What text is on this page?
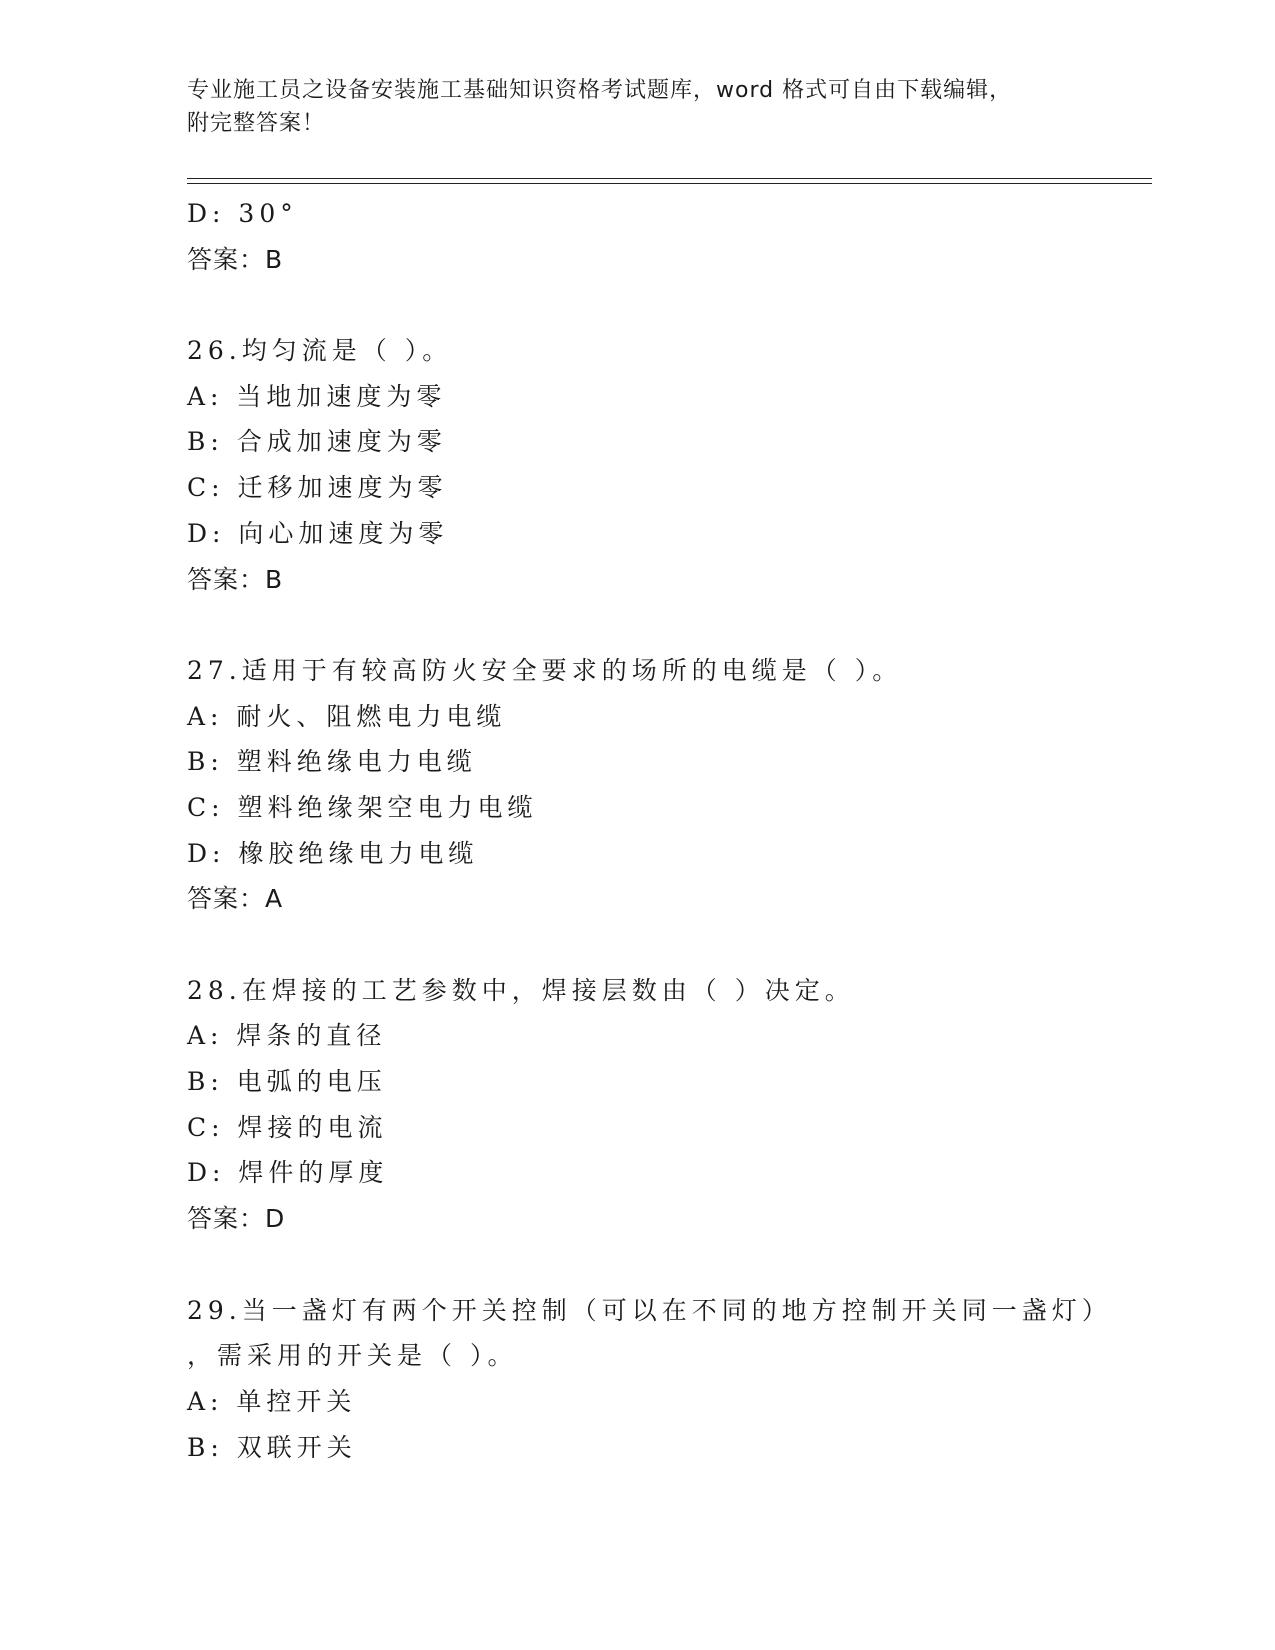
专业施工员之设备安装施工基础知识资格考试题库，word 格式可自由下载编辑，
附完整答案！
D: 30°
答案：B
26.均匀流是（ ）。
A: 当地加速度为零
B: 合成加速度为零
C: 迁移加速度为零
D: 向心加速度为零
答案：B
27.适用于有较高防火安全要求的场所的电缆是（ ）。
A: 耐火、阻燃电力电缆
B: 塑料绝缘电力电缆
C: 塑料绝缘架空电力电缆
D: 橡胶绝缘电力电缆
答案：A
28.在焊接的工艺参数中，焊接层数由（ ）决定。
A: 焊条的直径
B: 电弧的电压
C: 焊接的电流
D: 焊件的厚度
答案：D
29.当一盏灯有两个开关控制（可以在不同的地方控制开关同一盏灯）
，需采用的开关是（ ）。
A: 单控开关
B: 双联开关
